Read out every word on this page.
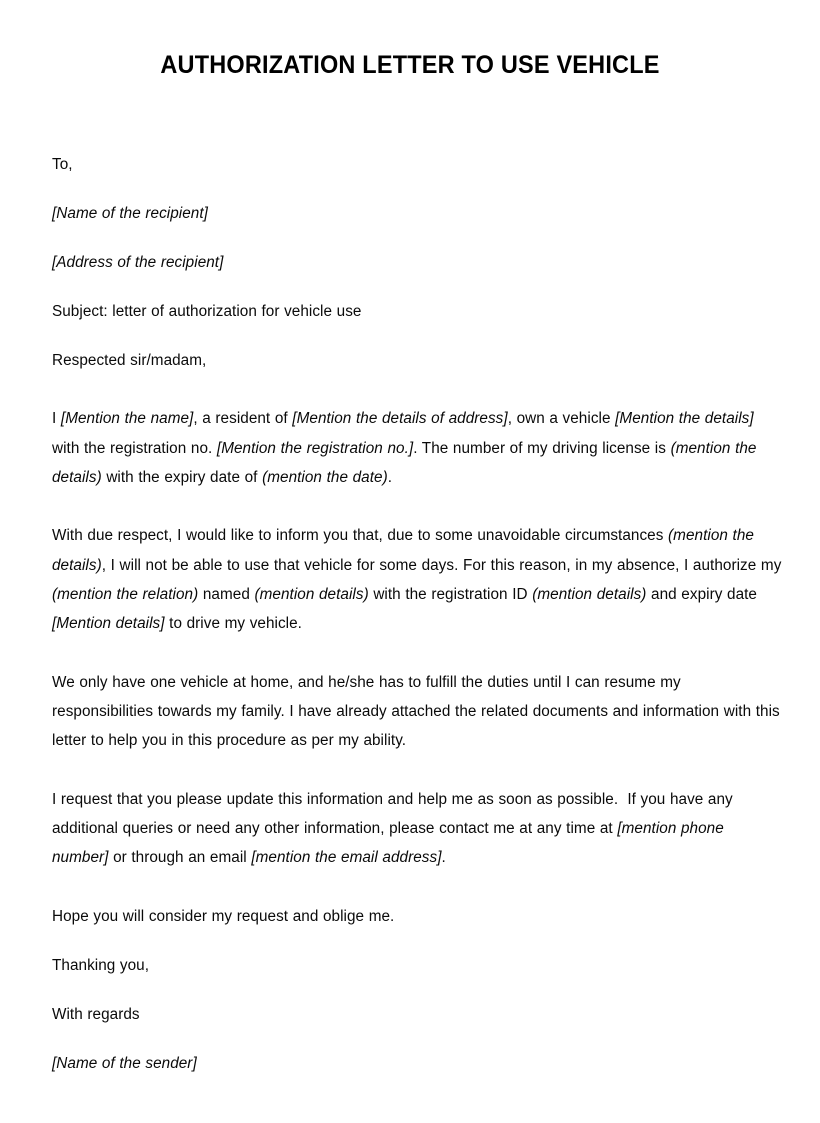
AUTHORIZATION LETTER TO USE VEHICLE
To,
[Name of the recipient]
[Address of the recipient]
Subject: letter of authorization for vehicle use
Respected sir/madam,
I [Mention the name], a resident of [Mention the details of address], own a vehicle [Mention the details] with the registration no. [Mention the registration no.]. The number of my driving license is (mention the details) with the expiry date of (mention the date).
With due respect, I would like to inform you that, due to some unavoidable circumstances (mention the details), I will not be able to use that vehicle for some days. For this reason, in my absence, I authorize my (mention the relation) named (mention details) with the registration ID (mention details) and expiry date [Mention details] to drive my vehicle.
We only have one vehicle at home, and he/she has to fulfill the duties until I can resume my responsibilities towards my family. I have already attached the related documents and information with this letter to help you in this procedure as per my ability.
I request that you please update this information and help me as soon as possible.  If you have any additional queries or need any other information, please contact me at any time at [mention phone number] or through an email [mention the email address].
Hope you will consider my request and oblige me.
Thanking you,
With regards
[Name of the sender]
